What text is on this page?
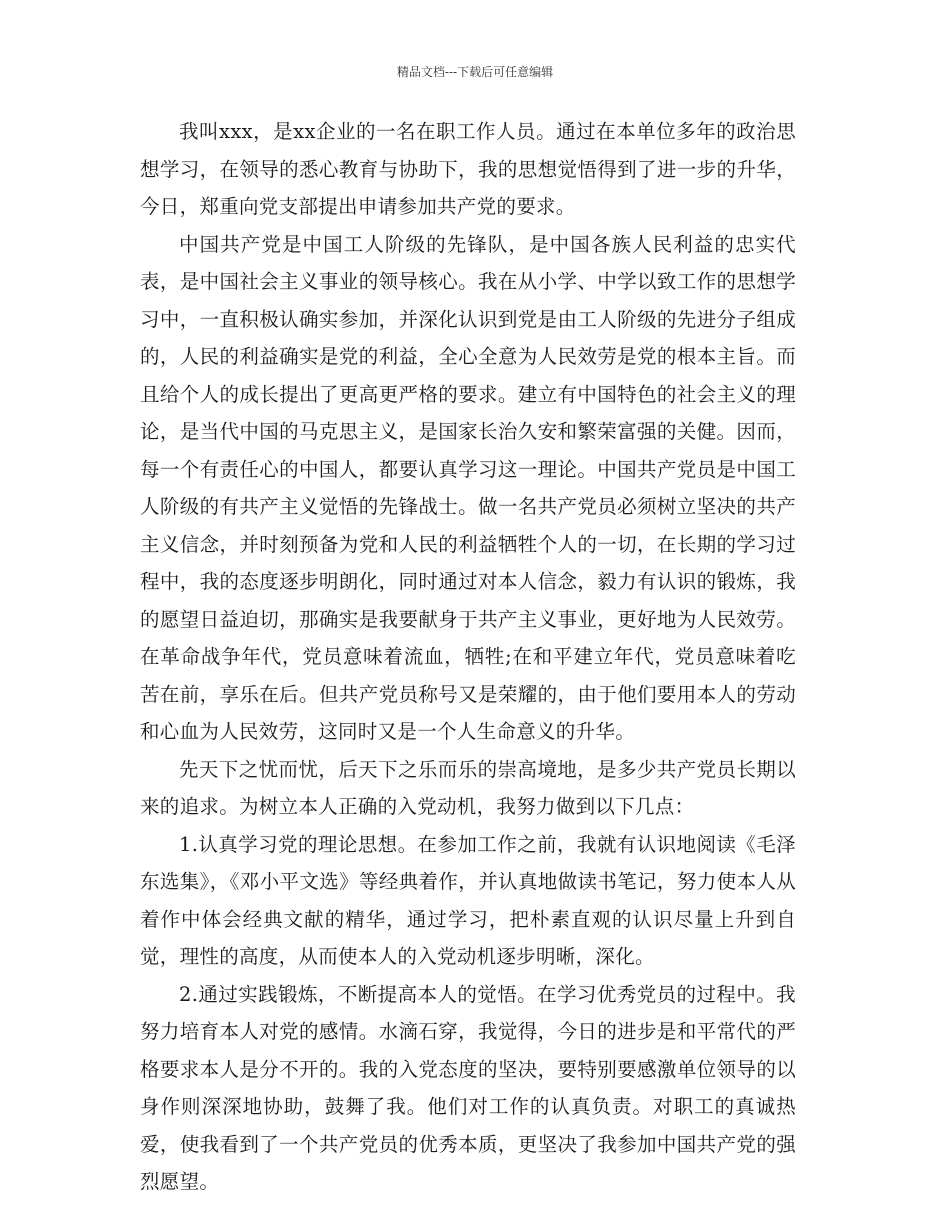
精品文档---下载后可任意编辑

我叫xxx，是xx企业的一名在职工作人员。通过在本单位多年的政治思想学习，在领导的悉心教育与协助下，我的思想觉悟得到了进一步的升华，今日，郑重向党支部提出申请参加共产党的要求。

中国共产党是中国工人阶级的先锋队，是中国各族人民利益的忠实代表，是中国社会主义事业的领导核心。我在从小学、中学以致工作的思想学习中，一直积极认确实参加，并深化认识到党是由工人阶级的先进分子组成的，人民的利益确实是党的利益，全心全意为人民效劳是党的根本主旨。而且给个人的成长提出了更高更严格的要求。建立有中国特色的社会主义的理论，是当代中国的马克思主义，是国家长治久安和繁荣富强的关健。因而，每一个有责任心的中国人，都要认真学习这一理论。中国共产党员是中国工人阶级的有共产主义觉悟的先锋战士。做一名共产党员必须树立坚决的共产主义信念，并时刻预备为党和人民的利益牺牲个人的一切，在长期的学习过程中，我的态度逐步明朗化，同时通过对本人信念，毅力有认识的锻炼，我的愿望日益迫切，那确实是我要献身于共产主义事业，更好地为人民效劳。在革命战争年代，党员意味着流血，牺牲;在和平建立年代，党员意味着吃苦在前，享乐在后。但共产党员称号又是荣耀的，由于他们要用本人的劳动和心血为人民效劳，这同时又是一个人生命意义的升华。

先天下之忧而忧，后天下之乐而乐的崇高境地，是多少共产党员长期以来的追求。为树立本人正确的入党动机，我努力做到以下几点：

1.认真学习党的理论思想。在参加工作之前，我就有认识地阅读《毛泽东选集》，《邓小平文选》等经典着作，并认真地做读书笔记，努力使本人从着作中体会经典文献的精华，通过学习，把朴素直观的认识尽量上升到自觉，理性的高度，从而使本人的入党动机逐步明晰，深化。

2.通过实践锻炼，不断提高本人的觉悟。在学习优秀党员的过程中。我努力培育本人对党的感情。水滴石穿，我觉得，今日的进步是和平常代的严格要求本人是分不开的。我的入党态度的坚决，要特别要感激单位领导的以身作则深深地协助，鼓舞了我。他们对工作的认真负责。对职工的真诚热爱，使我看到了一个共产党员的优秀本质，更坚决了我参加中国共产党的强烈愿望。
